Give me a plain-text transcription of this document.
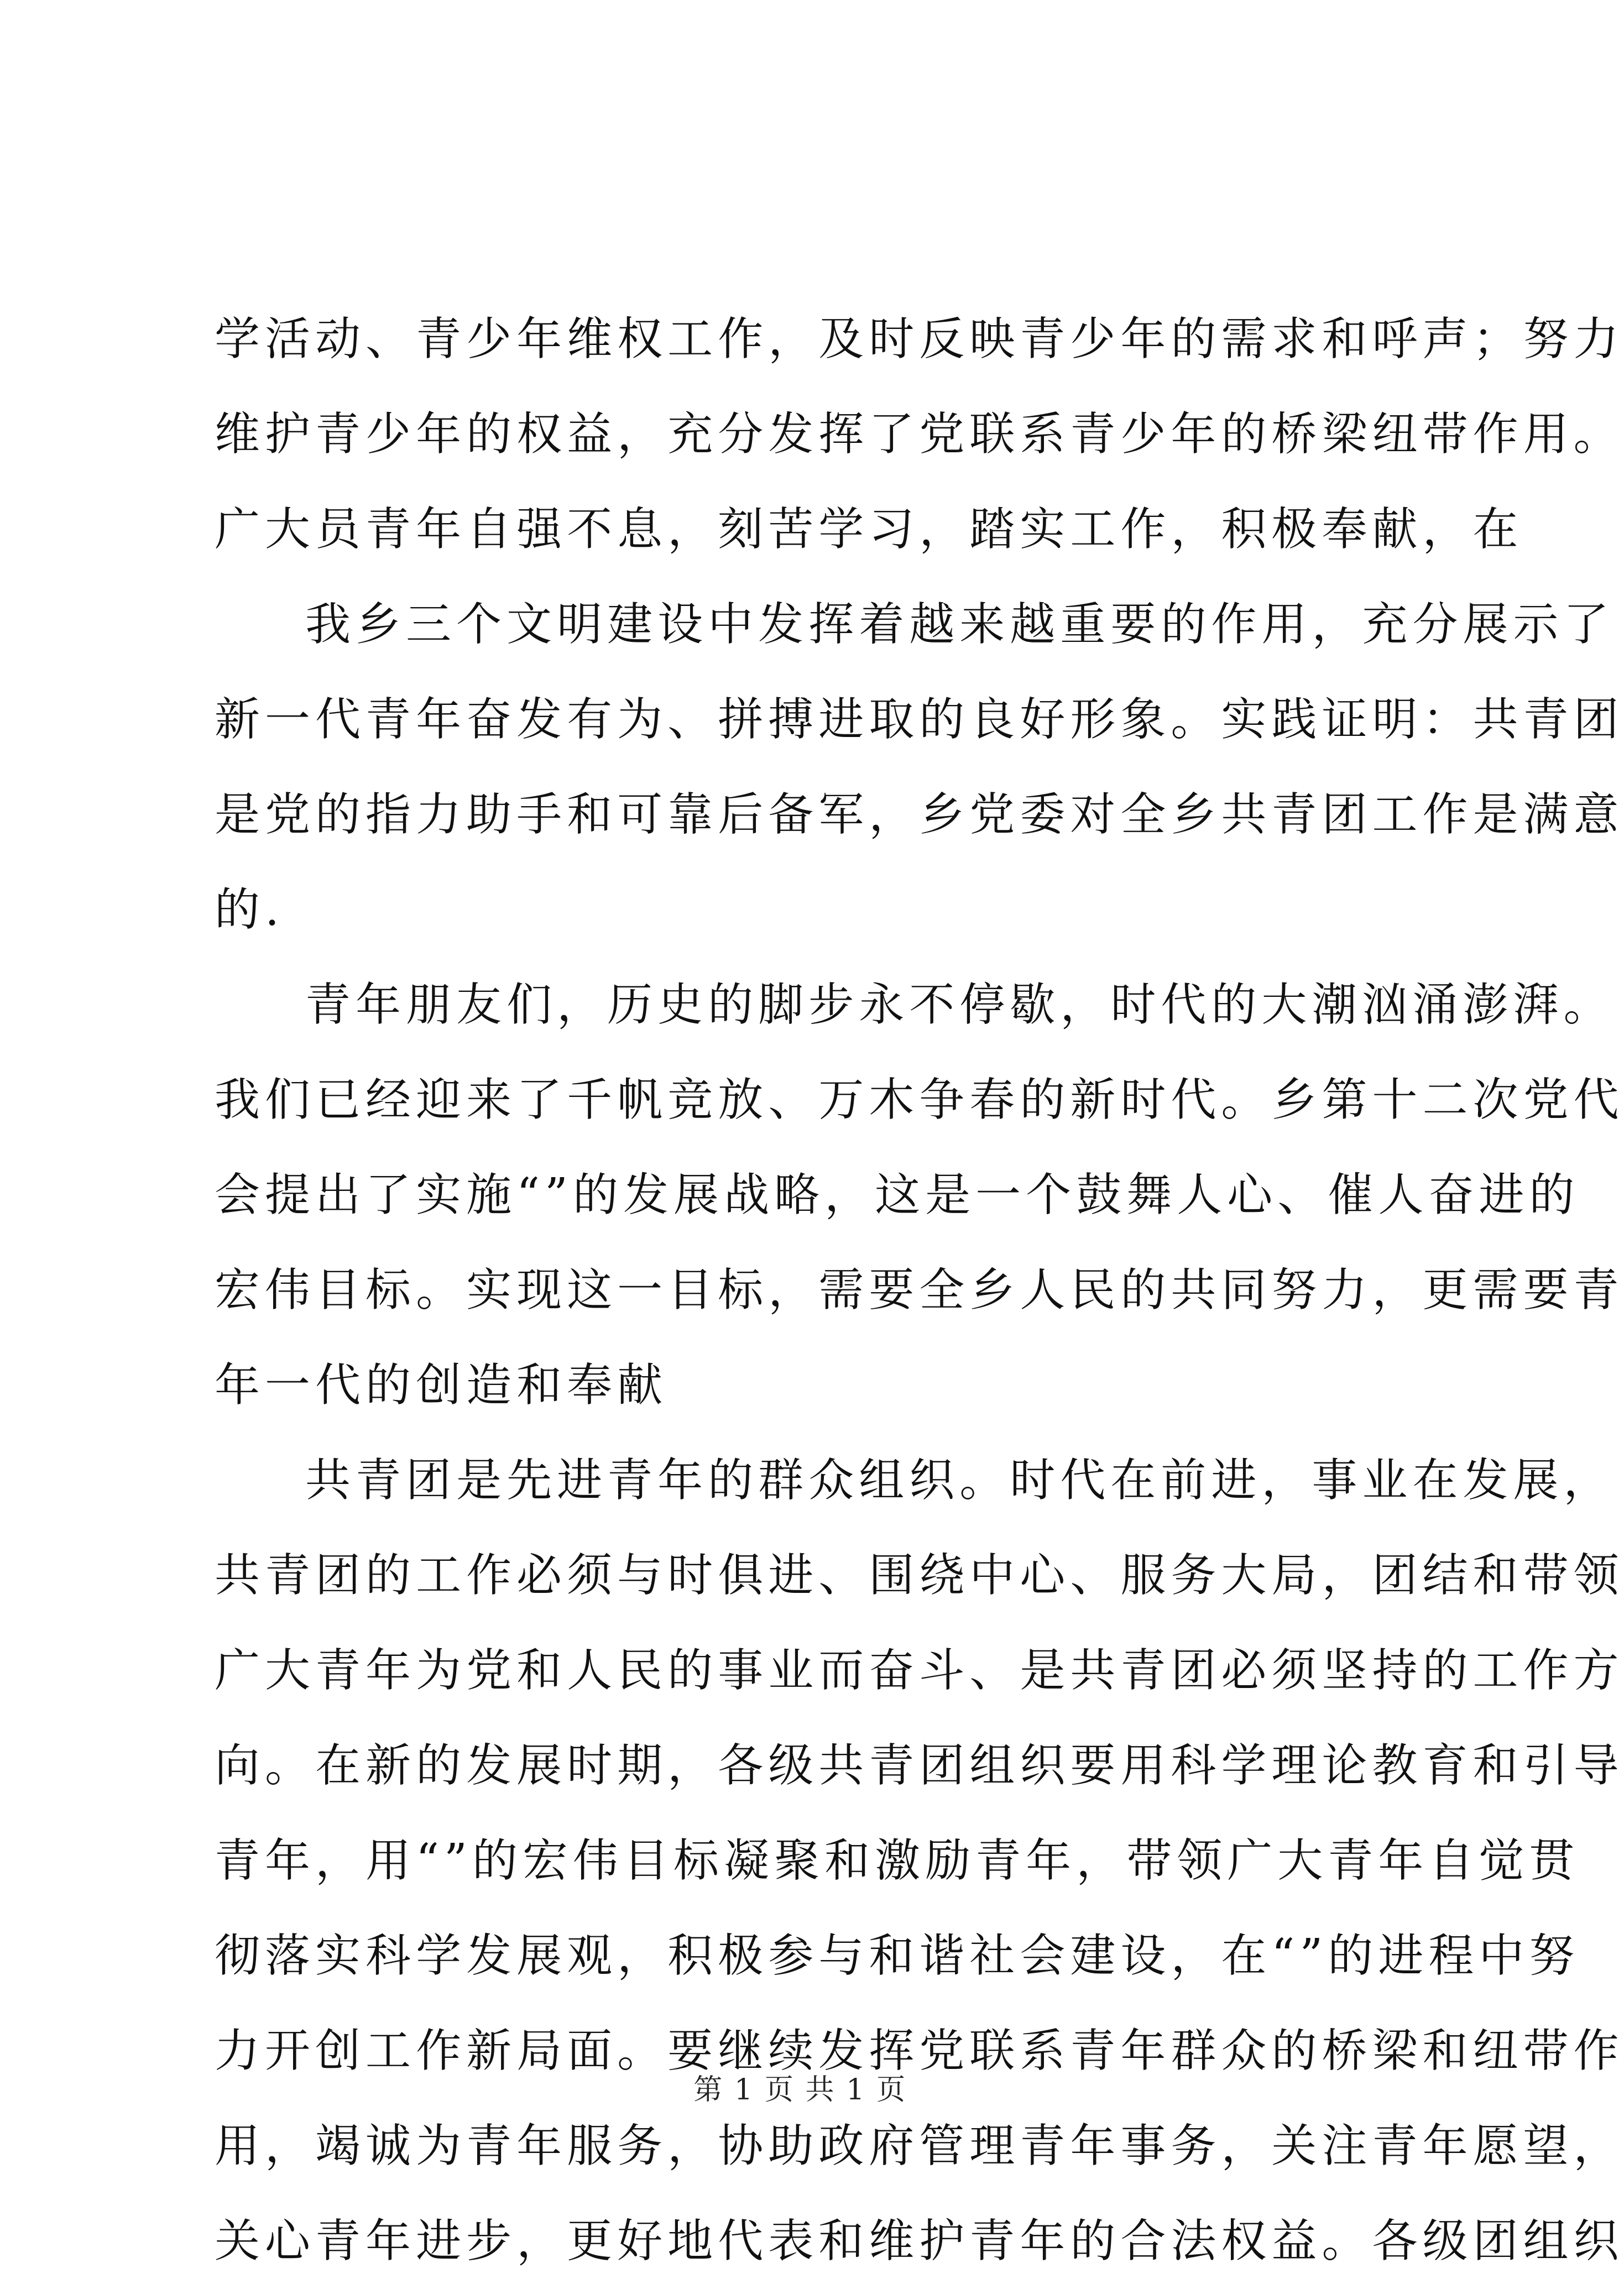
学活动、青少年维权工作，及时反映青少年的需求和呼声；努力
维护青少年的权益，充分发挥了党联系青少年的桥梁纽带作用。
广大员青年自强不息，刻苦学习，踏实工作，积极奉献，在
我乡三个文明建设中发挥着越来越重要的作用，充分展示了
新一代青年奋发有为、拼搏进取的良好形象。实践证明：共青团
是党的指力助手和可靠后备军，乡党委对全乡共青团工作是满意
的.
青年朋友们，历史的脚步永不停歇，时代的大潮汹涌澎湃。
我们已经迎来了千帆竞放、万木争春的新时代。乡第十二次党代
会提出了实施“”的发展战略，这是一个鼓舞人心、催人奋进的
宏伟目标。实现这一目标，需要全乡人民的共同努力，更需要青
年一代的创造和奉献
共青团是先进青年的群众组织。时代在前进，事业在发展，
共青团的工作必须与时俱进、围绕中心、服务大局，团结和带领
广大青年为党和人民的事业而奋斗、是共青团必须坚持的工作方
向。在新的发展时期，各级共青团组织要用科学理论教育和引导
青年，用“”的宏伟目标凝聚和激励青年，带领广大青年自觉贯
彻落实科学发展观，积极参与和谐社会建设，在“”的进程中努
力开创工作新局面。要继续发挥党联系青年群众的桥梁和纽带作
用，竭诚为青年服务，协助政府管理青年事务，关注青年愿望，
关心青年进步，更好地代表和维护青年的合法权益。各级团组织
第 1 页 共 1 页
